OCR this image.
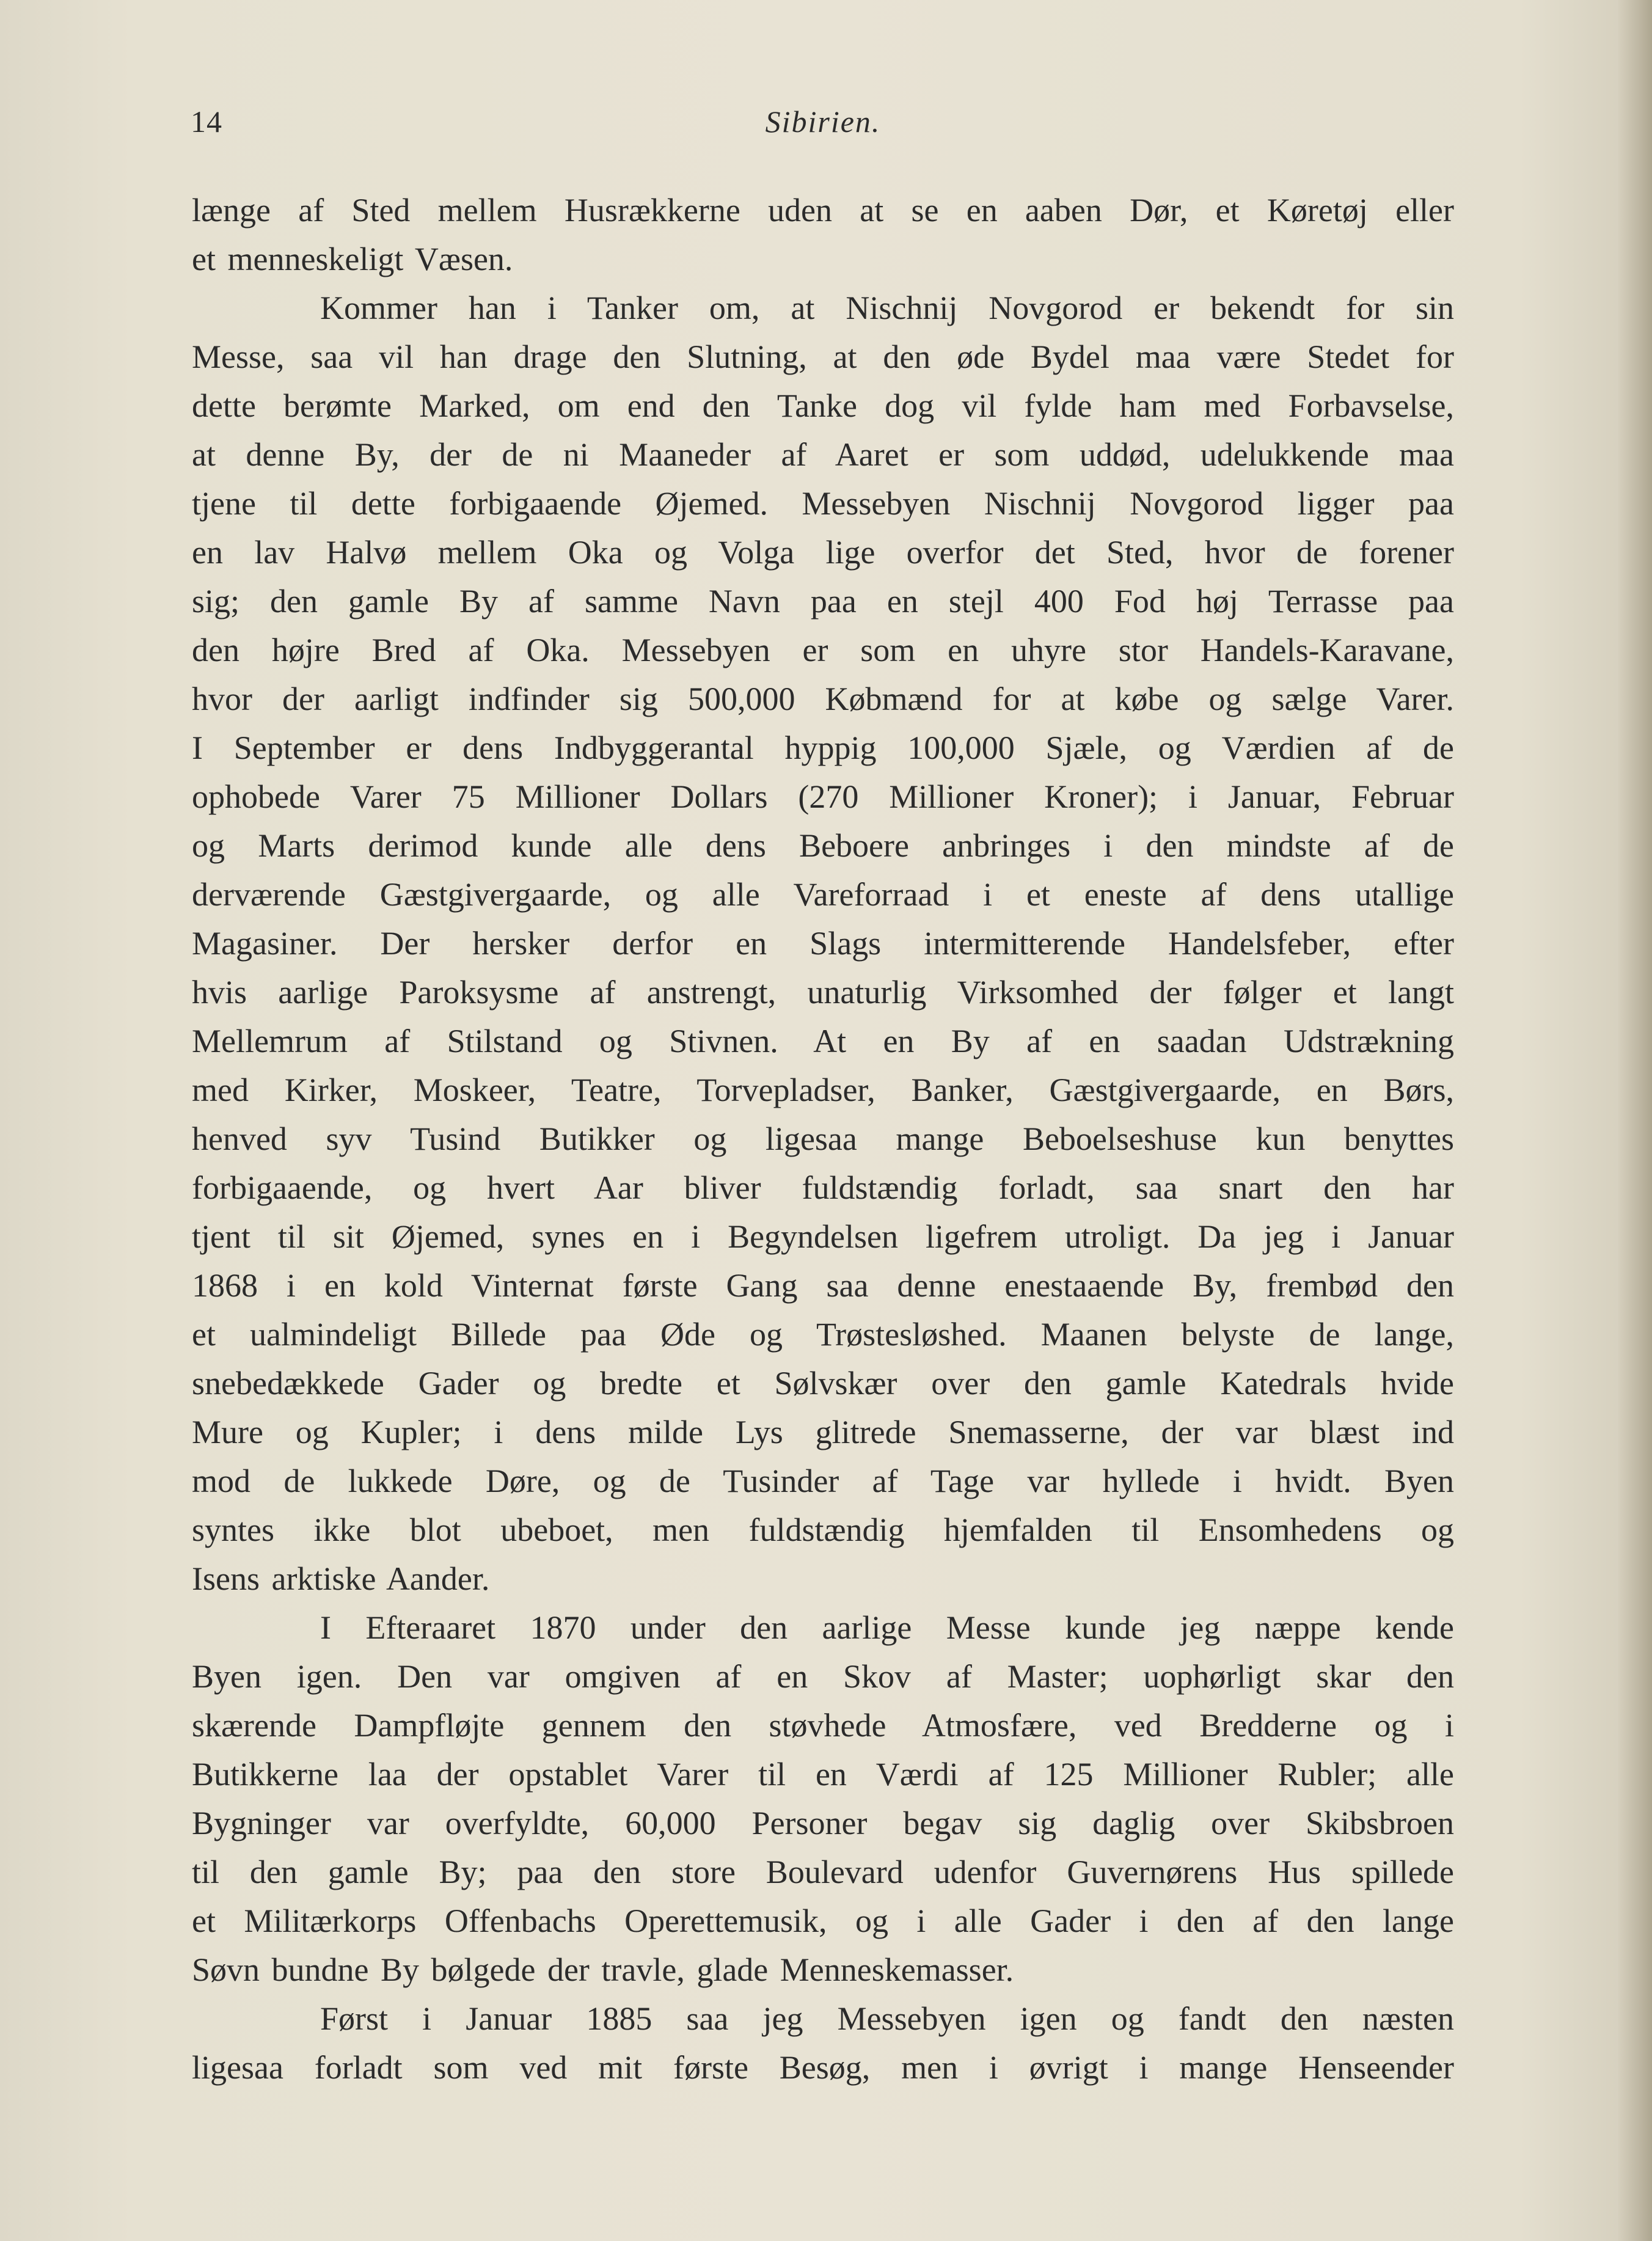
14	Sibirien.
længe af Sted mellem Husrækkerne uden at se en aaben Dør, et Køretøj eller
et menneskeligt Væsen.
Kommer han i Tanker om, at Nischnij Novgorod er bekendt for sin
Messe, saa vil han drage den Slutning, at den øde Bydel maa være Stedet for
dette berømte Marked, om end den Tanke dog vil fylde ham med Forbavselse,
at denne By, der de ni Maaneder af Aaret er som uddød, udelukkende maa
tjene til dette forbigaaende Øjemed. Messebyen Nischnij Novgorod ligger paa
en lav Halvø mellem Oka og Volga lige overfor det Sted, hvor de forener
sig; den gamle By af samme Navn paa en stejl 400 Fod høj Terrasse paa
den højre Bred af Oka. Messebyen er som en uhyre stor Handels-Karavane,
hvor der aarligt indfinder sig 500,000 Købmænd for at købe og sælge Varer.
I September er dens Indbyggerantal hyppig 100,000 Sjæle, og Værdien af de
ophobede Varer 75 Millioner Dollars (270 Millioner Kroner); i Januar, Februar
og Marts derimod kunde alle dens Beboere anbringes i den mindste af de
derværende Gæstgivergaarde, og alle Vareforraad i et eneste af dens utallige
Magasiner. Der hersker derfor en Slags intermitterende Handelsfeber, efter
hvis aarlige Paroksysme af anstrengt, unaturlig Virksomhed der følger et langt
Mellemrum af Stilstand og Stivnen. At en By af en saadan Udstrækning
med Kirker, Moskeer, Teatre, Torvepladser, Banker, Gæstgivergaarde, en Børs,
henved syv Tusind Butikker og ligesaa mange Beboelseshuse kun benyttes
forbigaaende, og hvert Aar bliver fuldstændig forladt, saa snart den har
tjent til sit Øjemed, synes en i Begyndelsen ligefrem utroligt. Da jeg i Januar
1868 i en kold Vinternat første Gang saa denne enestaaende By, frembød den
et ualmindeligt Billede paa Øde og Trøstesløshed. Maanen belyste de lange,
snebedækkede Gader og bredte et Sølvskær over den gamle Katedrals hvide
Mure og Kupler; i dens milde Lys glitrede Snemasserne, der var blæst ind
mod de lukkede Døre, og de Tusinder af Tage var hyllede i hvidt. Byen
syntes ikke blot ubeboet, men fuldstændig hjemfalden til Ensomhedens og
Isens arktiske Aander.
I Efteraaret 1870 under den aarlige Messe kunde jeg næppe kende
Byen igen. Den var omgiven af en Skov af Master; uophørligt skar den
skærende Dampfløjte gennem den støvhede Atmosfære, ved Bredderne og i
Butikkerne laa der opstablet Varer til en Værdi af 125 Millioner Rubler; alle
Bygninger var overfyldte, 60,000 Personer begav sig daglig over Skibsbroen
til den gamle By; paa den store Boulevard udenfor Guvernørens Hus spillede
et Militærkorps Offenbachs Operettemusik, og i alle Gader i den af den lange
Søvn bundne By bølgede der travle, glade Menneskemasser.
Først i Januar 1885 saa jeg Messebyen igen og fandt den næsten
ligesaa forladt som ved mit første Besøg, men i øvrigt i mange Henseender
